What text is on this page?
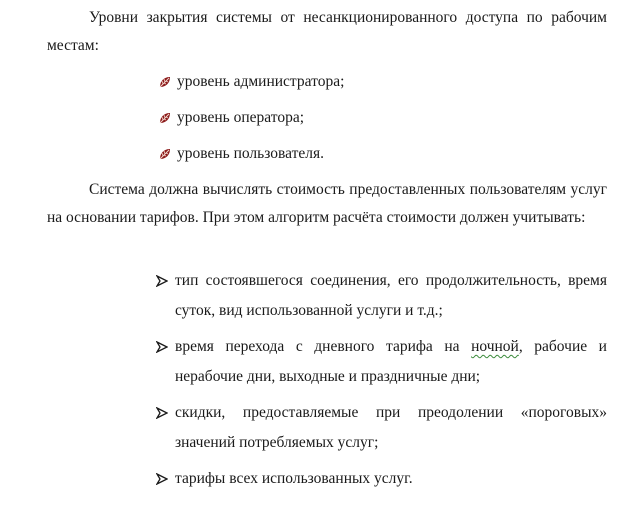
Уровни закрытия системы от несанкционированного доступа по рабочим местам:

уровень администратора;
уровень оператора;
уровень пользователя.

Система должна вычислять стоимость предоставленных пользователям услуг на основании тарифов. При этом алгоритм расчёта стоимости должен учитывать:

тип состоявшегося соединения, его продолжительность, время суток, вид использованной услуги и т.д.;
время перехода с дневного тарифа на ночной, рабочие и нерабочие дни, выходные и праздничные дни;
скидки, предоставляемые при преодолении «пороговых» значений потребляемых услуг;
тарифы всех использованных услуг.
